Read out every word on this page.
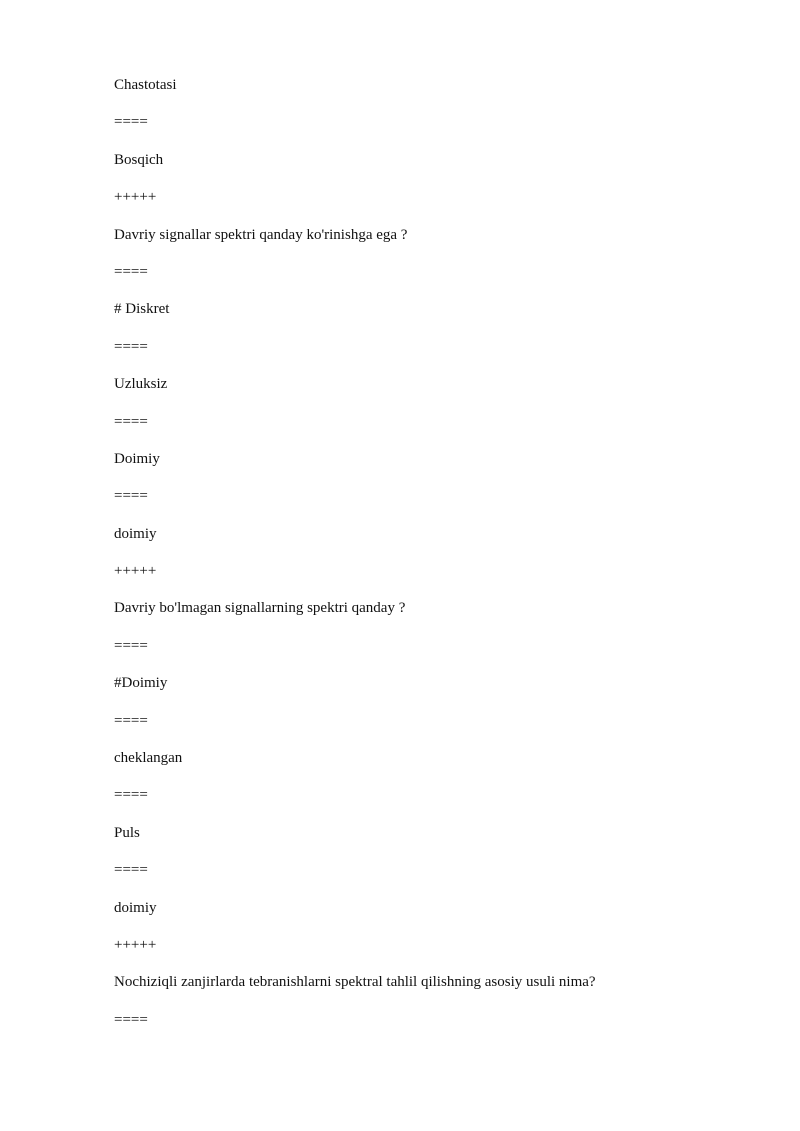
Chastotasi
====
Bosqich
+++++
Davriy signallar spektri qanday ko'rinishga ega ?
====
# Diskret
====
Uzluksiz
====
Doimiy
====
doimiy
+++++
Davriy bo'lmagan signallarning spektri qanday ?
====
#Doimiy
====
cheklangan
====
Puls
====
doimiy
+++++
Nochiziqli zanjirlarda tebranishlarni spektral tahlil qilishning asosiy usuli nima?
====
